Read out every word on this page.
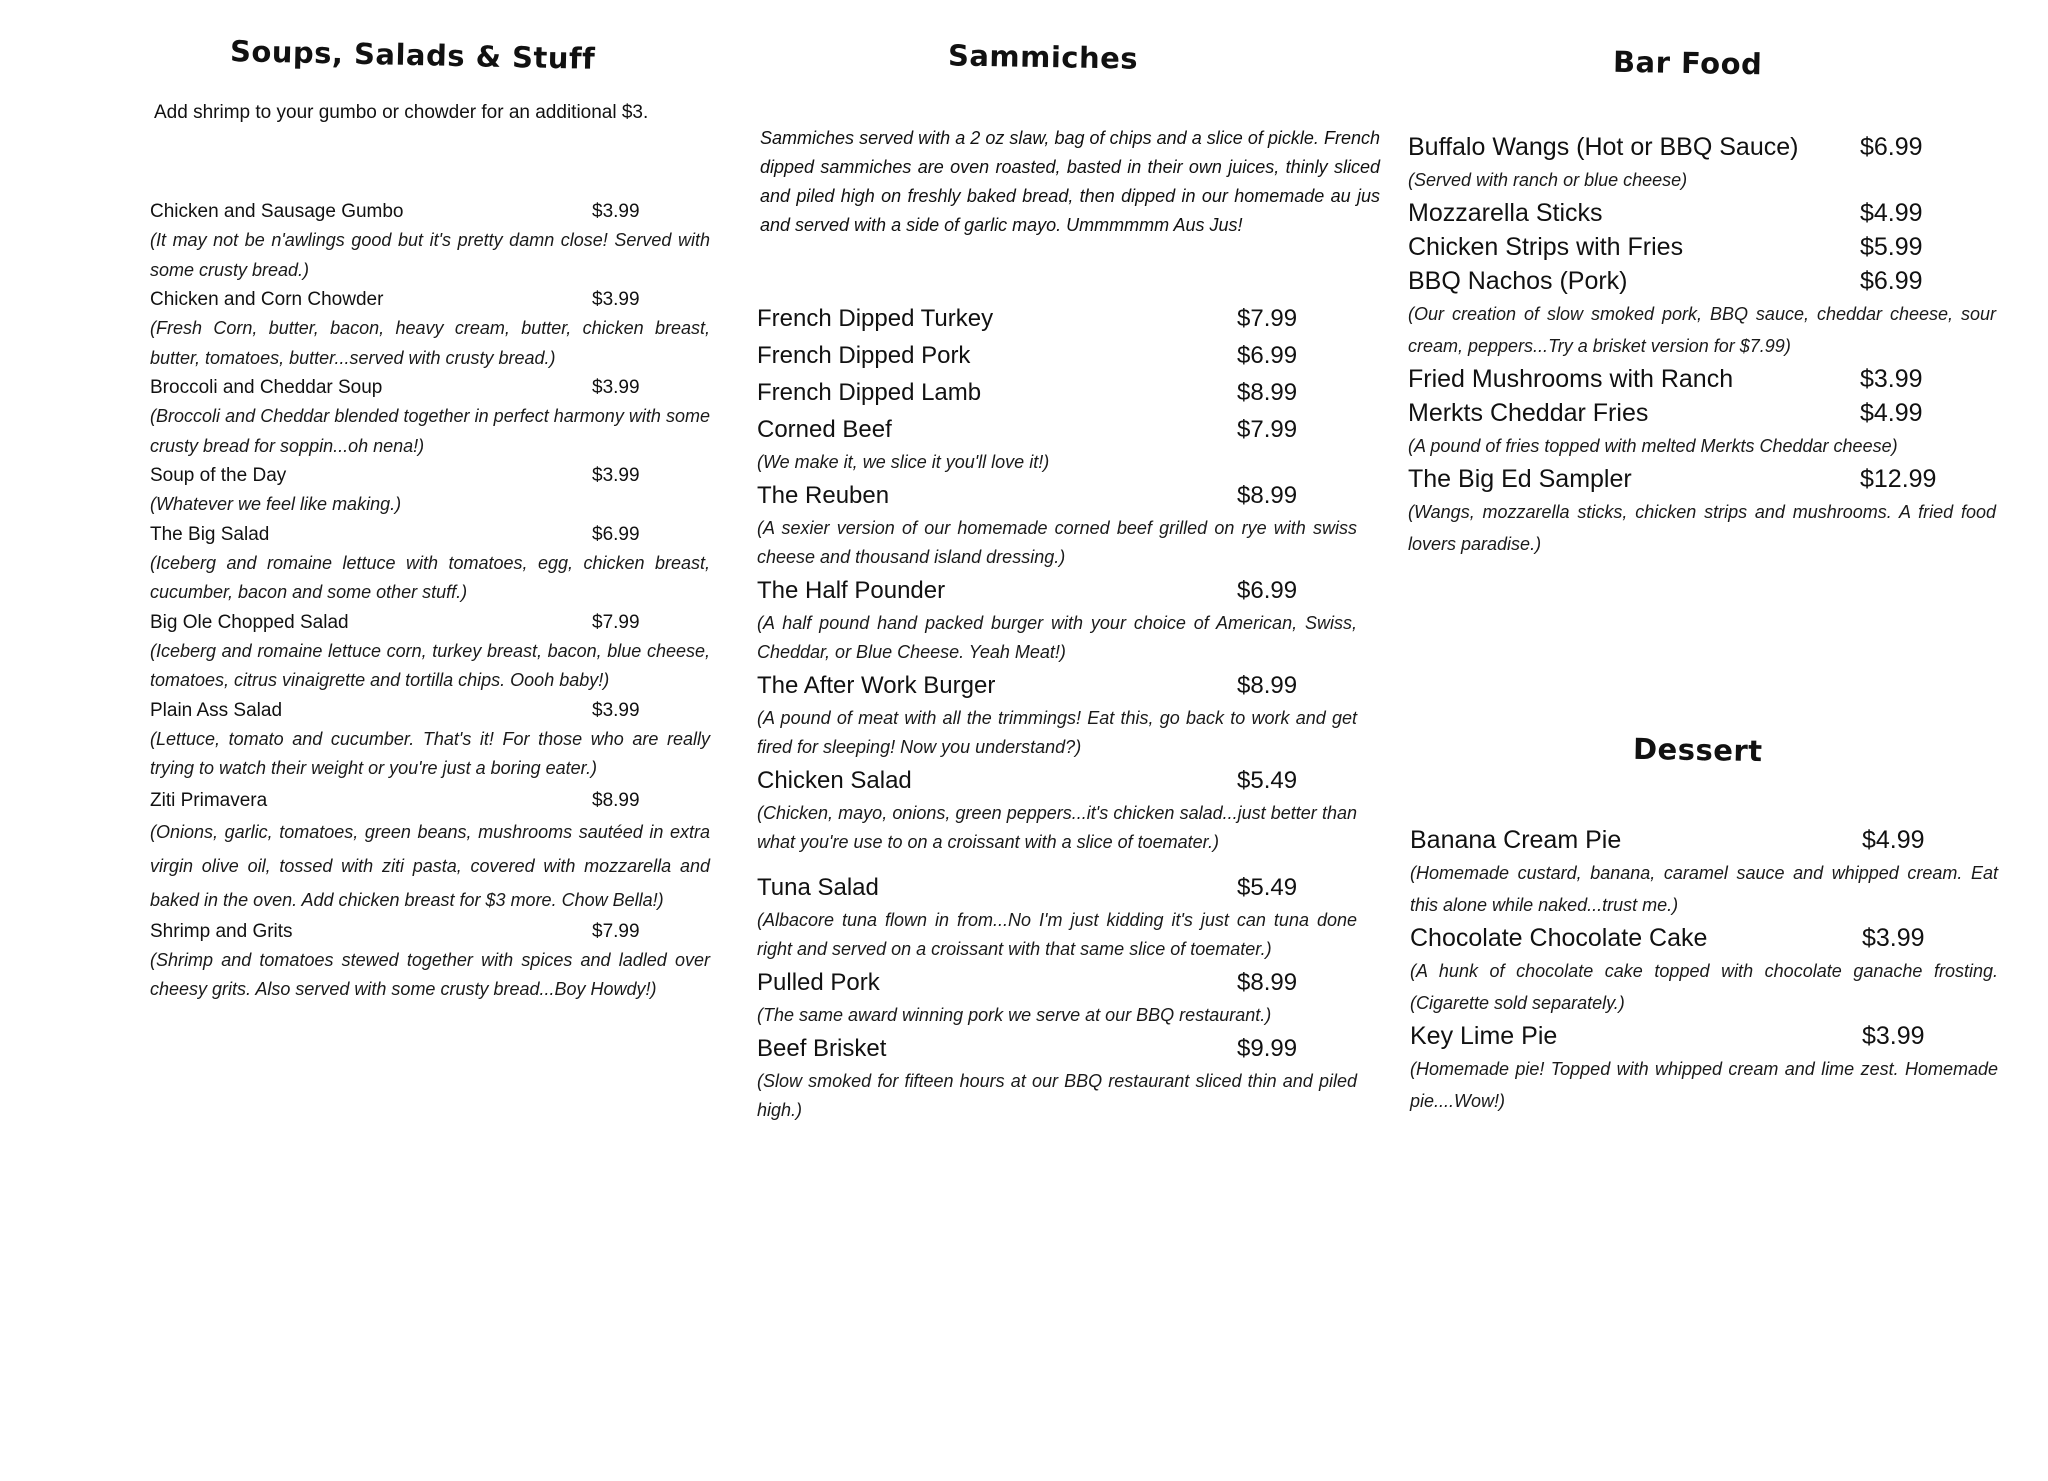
Soups, Salads & Stuff
Add shrimp to your gumbo or chowder for an additional $3.
Chicken and Sausage Gumbo	$3.99
(It may not be n'awlings good but it's pretty damn close! Served with some crusty bread.)
Chicken and Corn Chowder	$3.99
(Fresh Corn, butter, bacon, heavy cream, butter, chicken breast, butter, tomatoes, butter...served with crusty bread.)
Broccoli and Cheddar Soup	$3.99
(Broccoli and Cheddar blended together in perfect harmony with some crusty bread for soppin...oh nena!)
Soup of the Day	$3.99
(Whatever we feel like making.)
The Big Salad	$6.99
(Iceberg and romaine lettuce with tomatoes, egg, chicken breast, cucumber, bacon and some other stuff.)
Big Ole Chopped Salad	$7.99
(Iceberg and romaine lettuce corn, turkey breast, bacon, blue cheese, tomatoes, citrus vinaigrette and tortilla chips. Oooh baby!)
Plain Ass Salad	$3.99
(Lettuce, tomato and cucumber. That's it! For those who are really trying to watch their weight or you're just a boring eater.)
Ziti Primavera	$8.99
(Onions, garlic, tomatoes, green beans, mushrooms sautéed in extra virgin olive oil, tossed with ziti pasta, covered with mozzarella and baked in the oven. Add chicken breast for $3 more. Chow Bella!)
Shrimp and Grits	$7.99
(Shrimp and tomatoes stewed together with spices and ladled over cheesy grits. Also served with some crusty bread...Boy Howdy!)
Sammiches
Sammiches served with a 2 oz slaw, bag of chips and a slice of pickle. French dipped sammiches are oven roasted, basted in their own juices, thinly sliced and piled high on freshly baked bread, then dipped in our homemade au jus and served with a side of garlic mayo. Ummmmmm Aus Jus!
French Dipped Turkey	$7.99
French Dipped Pork	$6.99
French Dipped Lamb	$8.99
Corned Beef	$7.99
(We make it, we slice it you'll love it!)
The Reuben	$8.99
(A sexier version of our homemade corned beef grilled on rye with swiss cheese and thousand island dressing.)
The Half Pounder	$6.99
(A half pound hand packed burger with your choice of American, Swiss, Cheddar, or Blue Cheese. Yeah Meat!)
The After Work Burger	$8.99
(A pound of meat with all the trimmings! Eat this, go back to work and get fired for sleeping! Now you understand?)
Chicken Salad	$5.49
(Chicken, mayo, onions, green peppers...it's chicken salad...just better than what you're use to on a croissant with a slice of toemater.)
Tuna Salad	$5.49
(Albacore tuna flown in from...No I'm just kidding it's just can tuna done right and served on a croissant with that same slice of toemater.)
Pulled Pork	$8.99
(The same award winning pork we serve at our BBQ restaurant.)
Beef Brisket	$9.99
(Slow smoked for fifteen hours at our BBQ restaurant sliced thin and piled high.)
Bar Food
Buffalo Wangs (Hot or BBQ Sauce) $6.99
(Served with ranch or blue cheese)
Mozzarella Sticks	$4.99
Chicken Strips with Fries	$5.99
BBQ Nachos (Pork)	$6.99
(Our creation of slow smoked pork, BBQ sauce, cheddar cheese, sour cream, peppers...Try a brisket version for $7.99)
Fried Mushrooms with Ranch	$3.99
Merkts Cheddar Fries	$4.99
(A pound of fries topped with melted Merkts Cheddar cheese)
The Big Ed Sampler	$12.99
(Wangs, mozzarella sticks, chicken strips and mushrooms. A fried food lovers paradise.)
Dessert
Banana Cream Pie	$4.99
(Homemade custard, banana, caramel sauce and whipped cream. Eat this alone while naked...trust me.)
Chocolate Chocolate Cake	$3.99
(A hunk of chocolate cake topped with chocolate ganache frosting. (Cigarette sold separately.)
Key Lime Pie	$3.99
(Homemade pie! Topped with whipped cream and lime zest. Homemade pie....Wow!)
